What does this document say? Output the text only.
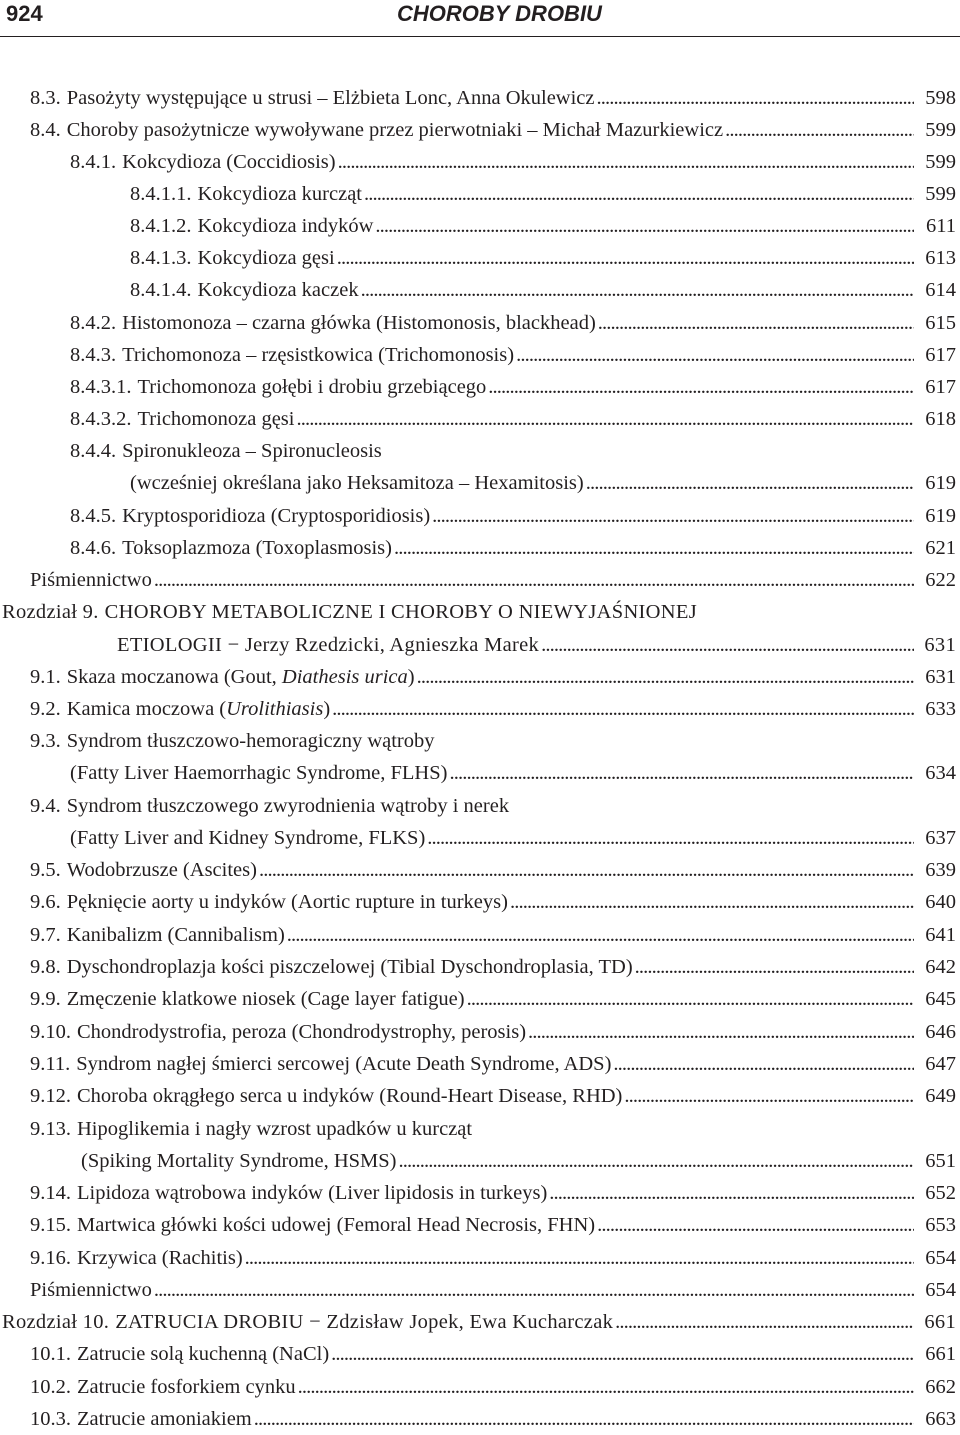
924	CHOROBY DROBIU
8.3. Pasożyty występujące u strusi – Elżbieta Lonc, Anna Okulewicz . . .	598
8.4. Choroby pasożytnicze wywoływane przez pierwotniaki – Michał Mazurkiewicz . . .	599
8.4.1. Kokcydioza (Coccidiosis) . . .	599
8.4.1.1. Kokcydioza kurcząt . . .	599
8.4.1.2. Kokcydioza indyków . . .	611
8.4.1.3. Kokcydioza gęsi . . .	613
8.4.1.4. Kokcydioza kaczek . . .	614
8.4.2. Histomonoza – czarna główka (Histomonosis, blackhead) . . .	615
8.4.3. Trichomonoza – rzęsistkowica (Trichomonosis) . . .	617
8.4.3.1. Trichomonoza gołębi i drobiu grzebiącego . . .	617
8.4.3.2. Trichomonoza gęsi . . .	618
8.4.4. Spironukleoza – Spironucleosis
(wcześniej określana jako Heksamitoza – Hexamitosis) . . .	619
8.4.5. Kryptosporidioza (Cryptosporidiosis) . . .	619
8.4.6. Toksoplazmoza (Toxoplasmosis) . . .	621
Piśmiennictwo . . .	622
Rozdział 9. CHOROBY METABOLICZNE I CHOROBY O NIEWYJAŚNIONEJ
ETIOLOGII − Jerzy Rzedzicki, Agnieszka Marek . . .	631
9.1. Skaza moczanowa (Gout, Diathesis urica ) . . .	631
9.2. Kamica moczowa ( Urolithiasis ) . . .	633
9.3. Syndrom tłuszczowo-hemoragiczny wątroby
(Fatty Liver Haemorrhagic Syndrome, FLHS) . . .	634
9.4. Syndrom tłuszczowego zwyrodnienia wątroby i nerek
(Fatty Liver and Kidney Syndrome, FLKS) . . .	637
9.5. Wodobrzusze (Ascites) . . .	639
9.6. Pęknięcie aorty u indyków (Aortic rupture in turkeys) . . .	640
9.7. Kanibalizm (Cannibalism) . . .	641
9.8. Dyschondroplazja kości piszczelowej (Tibial Dyschondroplasia, TD) . . .	642
9.9. Zmęczenie klatkowe niosek (Cage layer fatigue) . . .	645
9.10. Chondrodystrofia, peroza (Chondrodystrophy, perosis) . . .	646
9.11. Syndrom nagłej śmierci sercowej (Acute Death Syndrome, ADS) . . .	647
9.12. Choroba okrągłego serca u indyków (Round-Heart Disease, RHD) . . .	649
9.13. Hipoglikemia i nagły wzrost upadków u kurcząt
(Spiking Mortality Syndrome, HSMS) . . .	651
9.14. Lipidoza wątrobowa indyków (Liver lipidosis in turkeys) . . .	652
9.15. Martwica główki kości udowej (Femoral Head Necrosis, FHN) . . .	653
9.16. Krzywica (Rachitis) . . .	654
Piśmiennictwo . . .	654
Rozdział 10. ZATRUCIA DROBIU − Zdzisław Jopek, Ewa Kucharczak . . .	661
10.1. Zatrucie solą kuchenną (NaCl) . . .	661
10.2. Zatrucie fosforkiem cynku . . .	662
10.3. Zatrucie amoniakiem . . .	663
